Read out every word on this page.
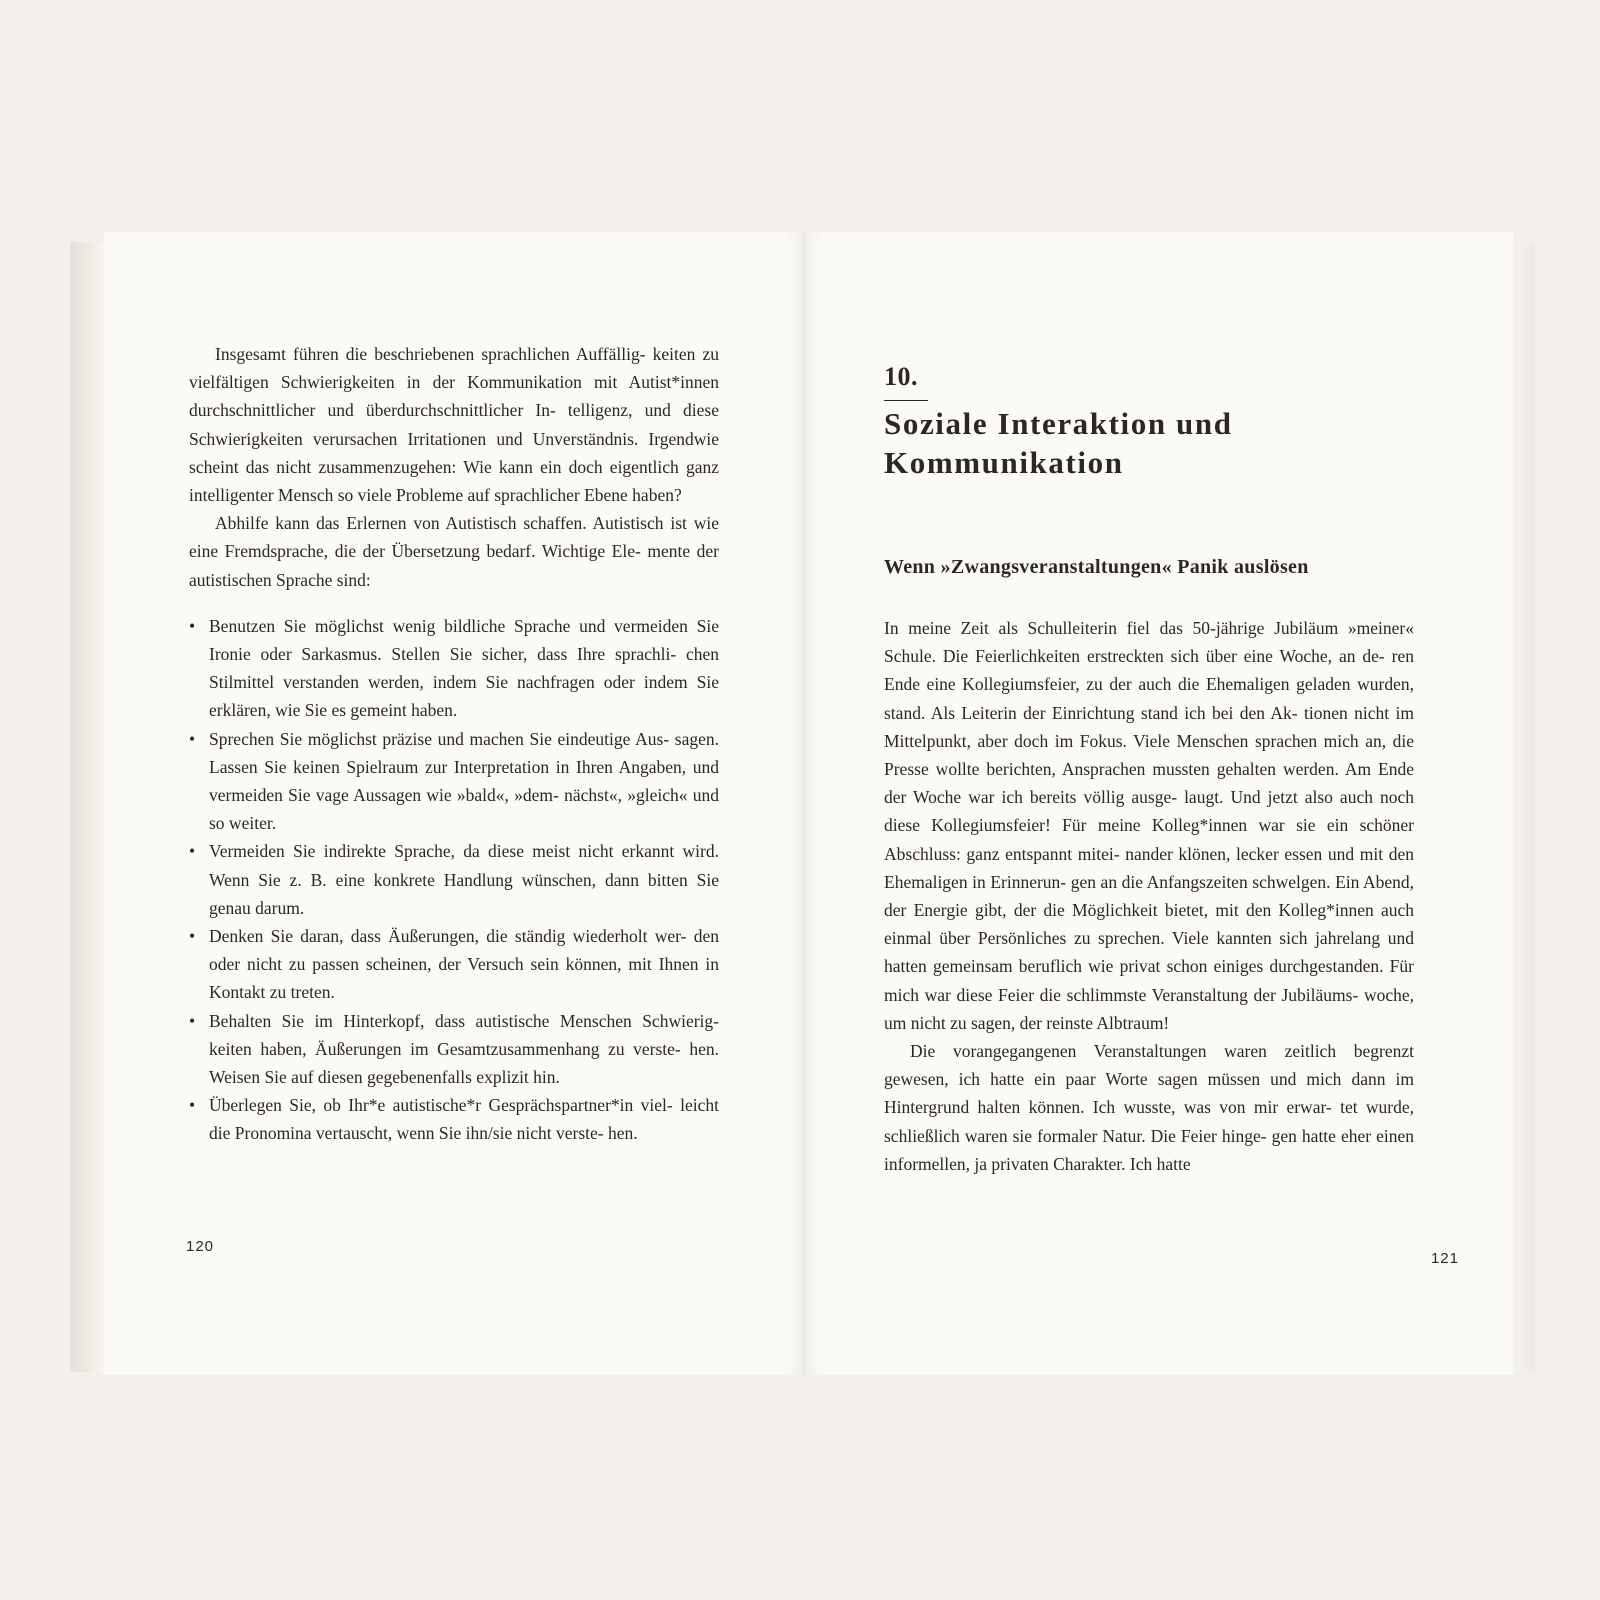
Insgesamt führen die beschriebenen sprachlichen Auffällig- keiten zu vielfältigen Schwierigkeiten in der Kommunikation mit Autist*innen durchschnittlicher und überdurchschnittlicher In- telligenz, und diese Schwierigkeiten verursachen Irritationen und Unverständnis. Irgendwie scheint das nicht zusammenzugehen: Wie kann ein doch eigentlich ganz intelligenter Mensch so viele Probleme auf sprachlicher Ebene haben?

Abhilfe kann das Erlernen von Autistisch schaffen. Autistisch ist wie eine Fremdsprache, die der Übersetzung bedarf. Wichtige Ele- mente der autistischen Sprache sind:

• Benutzen Sie möglichst wenig bildliche Sprache und vermeiden Sie Ironie oder Sarkasmus. Stellen Sie sicher, dass Ihre sprachli- chen Stilmittel verstanden werden, indem Sie nachfragen oder indem Sie erklären, wie Sie es gemeint haben.
• Sprechen Sie möglichst präzise und machen Sie eindeutige Aus- sagen. Lassen Sie keinen Spielraum zur Interpretation in Ihren Angaben, und vermeiden Sie vage Aussagen wie »bald«, »dem- nächst«, »gleich« und so weiter.
• Vermeiden Sie indirekte Sprache, da diese meist nicht erkannt wird. Wenn Sie z. B. eine konkrete Handlung wünschen, dann bitten Sie genau darum.
• Denken Sie daran, dass Äußerungen, die ständig wiederholt wer- den oder nicht zu passen scheinen, der Versuch sein können, mit Ihnen in Kontakt zu treten.
• Behalten Sie im Hinterkopf, dass autistische Menschen Schwierig- keiten haben, Äußerungen im Gesamtzusammenhang zu verste- hen. Weisen Sie auf diesen gegebenenfalls explizit hin.
• Überlegen Sie, ob Ihr*e autistische*r Gesprächspartner*in viel- leicht die Pronomina vertauscht, wenn Sie ihn/sie nicht verste- hen.
120
10.
Soziale Interaktion und
Kommunikation
Wenn »Zwangsveranstaltungen« Panik auslösen

In meine Zeit als Schulleiterin fiel das 50-jährige Jubiläum »meiner« Schule. Die Feierlichkeiten erstreckten sich über eine Woche, an de- ren Ende eine Kollegiumsfeier, zu der auch die Ehemaligen geladen wurden, stand. Als Leiterin der Einrichtung stand ich bei den Ak- tionen nicht im Mittelpunkt, aber doch im Fokus. Viele Menschen sprachen mich an, die Presse wollte berichten, Ansprachen mussten gehalten werden. Am Ende der Woche war ich bereits völlig ausge- laugt. Und jetzt also auch noch diese Kollegiumsfeier! Für meine Kolleg*innen war sie ein schöner Abschluss: ganz entspannt mitei- nander klönen, lecker essen und mit den Ehemaligen in Erinnerun- gen an die Anfangszeiten schwelgen. Ein Abend, der Energie gibt, der die Möglichkeit bietet, mit den Kolleg*innen auch einmal über Persönliches zu sprechen. Viele kannten sich jahrelang und hatten gemeinsam beruflich wie privat schon einiges durchgestanden. Für mich war diese Feier die schlimmste Veranstaltung der Jubiläums- woche, um nicht zu sagen, der reinste Albtraum!

Die vorangegangenen Veranstaltungen waren zeitlich begrenzt gewesen, ich hatte ein paar Worte sagen müssen und mich dann im Hintergrund halten können. Ich wusste, was von mir erwar- tet wurde, schließlich waren sie formaler Natur. Die Feier hinge- gen hatte eher einen informellen, ja privaten Charakter. Ich hatte

121
